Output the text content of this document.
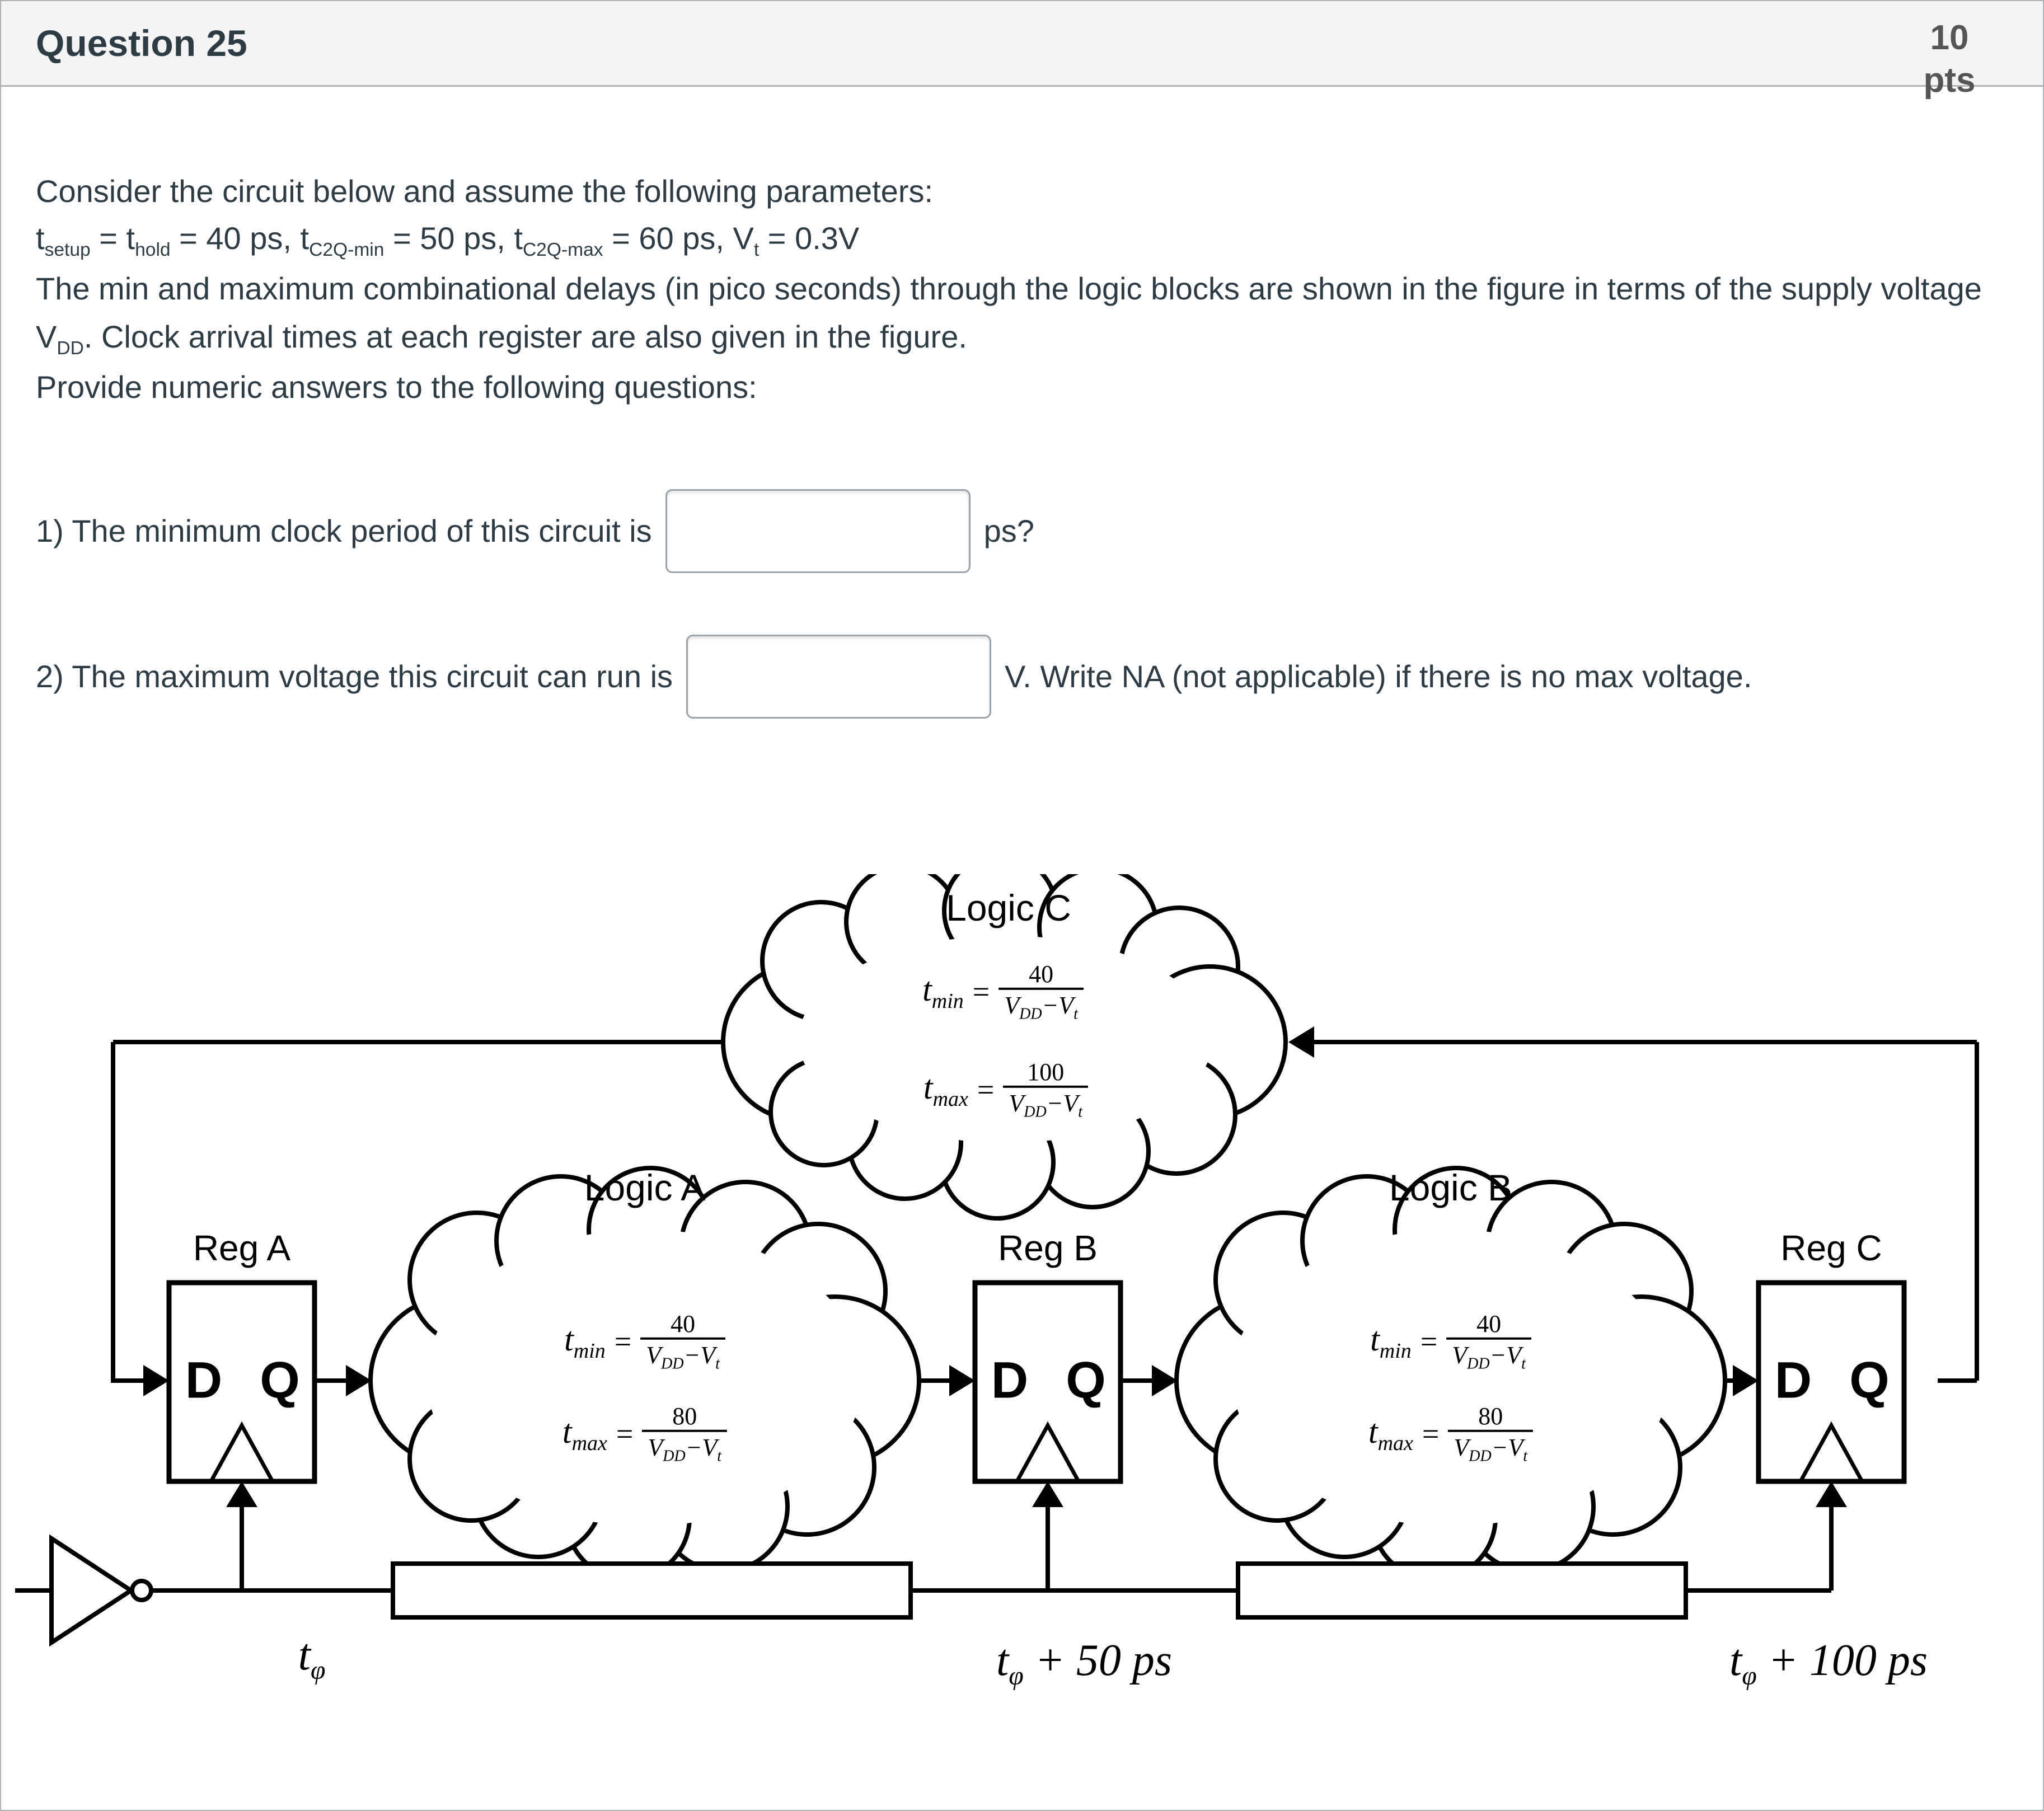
Question 25	10 pts

Consider the circuit below and assume the following parameters:

$t_{setup} = t_{hold} = 40$ ps, $t_{C2Q-min} = 50$ ps, $t_{C2Q-max} = 60$ ps, $V_t = 0.3V$

The min and maximum combinational delays (in pico seconds) through the logic blocks are shown in the figure in terms of the supply voltage $V_{DD}$. Clock arrival times at each register are also given in the figure.

Provide numeric answers to the following questions:

1) The minimum clock period of this circuit is	ps?
2) The maximum voltage this circuit can run is	V. Write NA (not applicable) if there is no max voltage.
Logic C
Logic A	Logic B
Reg A	Reg B	Reg C
D Q	D Q	D Q
$t_{min} = \frac{40}{V_{DD}-V_t}$
$t_{max} = \frac{100}{V_{DD}-V_t}$
$t_{min} = \frac{40}{V_{DD}-V_t}$
$t_{max} = \frac{80}{V_{DD}-V_t}$
$t_{min} = \frac{40}{V_{DD}-V_t}$
$t_{max} = \frac{80}{V_{DD}-V_t}$
$t_\varphi$	$t_\varphi + 50$ ps	$t_\varphi + 100$ ps
